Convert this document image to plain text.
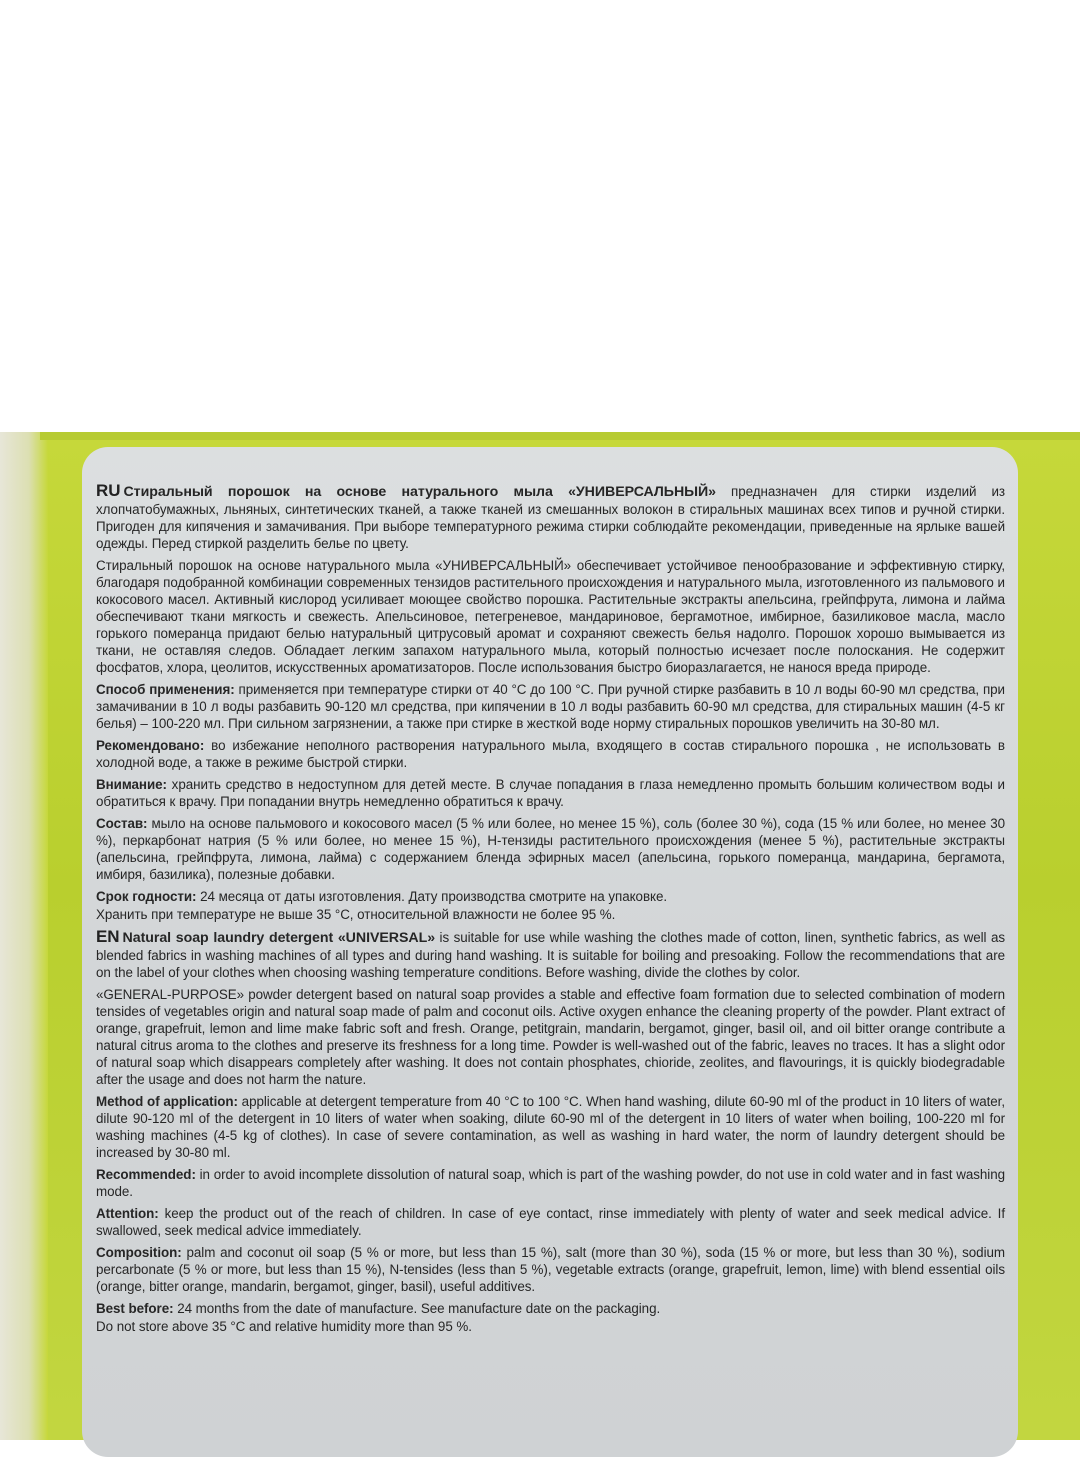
RU Стиральный порошок на основе натурального мыла «УНИВЕРСАЛЬНЫЙ» предназначен для стирки изделий из хлопчатобумажных, льняных, синтетических тканей, а также тканей из смешанных волокон в стиральных машинах всех типов и ручной стирки. Пригоден для кипячения и замачивания. При выборе температурного режима стирки соблюдайте рекомендации, приведенные на ярлыке вашей одежды. Перед стиркой разделить белье по цвету.

Стиральный порошок на основе натурального мыла «УНИВЕРСАЛЬНЫЙ» обеспечивает устойчивое пенообразование и эффективную стирку, благодаря подобранной комбинации современных тензидов растительного происхождения и натурального мыла, изготовленного из пальмового и кокосового масел. Активный кислород усиливает моющее свойство порошка. Растительные экстракты апельсина, грейпфрута, лимона и лайма обеспечивают ткани мягкость и свежесть. Апельсиновое, петегреневое, мандариновое, бергамотное, имбирное, базиликовое масла, масло горького померанца придают белью натуральный цитрусовый аромат и сохраняют свежесть белья надолго. Порошок хорошо вымывается из ткани, не оставляя следов. Обладает легким запахом натурального мыла, который полностью исчезает после полоскания. Не содержит фосфатов, хлора, цеолитов, искусственных ароматизаторов. После использования быстро биоразлагается, не нанося вреда природе.

Способ применения: применяется при температуре стирки от 40 °С до 100 °С. При ручной стирке разбавить в 10 л воды 60-90 мл средства, при замачивании в 10 л воды разбавить 90-120 мл средства, при кипячении в 10 л воды разбавить 60-90 мл средства, для стиральных машин (4-5 кг белья) – 100-220 мл. При сильном загрязнении, а также при стирке в жесткой воде норму стиральных порошков увеличить на 30-80 мл.

Рекомендовано: во избежание неполного растворения натурального мыла, входящего в состав стирального порошка , не использовать в холодной воде, а также в режиме быстрой стирки.

Внимание: хранить средство в недоступном для детей месте. В случае попадания в глаза немедленно промыть большим количеством воды и обратиться к врачу. При попадании внутрь немедленно обратиться к врачу.

Состав: мыло на основе пальмового и кокосового масел (5 % или более, но менее 15 %), соль (более 30 %), сода (15 % или более, но менее 30 %), перкарбонат натрия (5 % или более, но менее 15 %), Н-тензиды растительного происхождения (менее 5 %), растительные экстракты (апельсина, грейпфрута, лимона, лайма) с содержанием бленда эфирных масел (апельсина, горького померанца, мандарина, бергамота, имбиря, базилика), полезные добавки.

Срок годности: 24 месяца от даты изготовления. Дату производства смотрите на упаковке.

Хранить при температуре не выше 35 °С, относительной влажности не более 95 %.

EN Natural soap laundry detergent «UNIVERSAL» is suitable for use while washing the clothes made of cotton, linen, synthetic fabrics, as well as blended fabrics in washing machines of all types and during hand washing. It is suitable for boiling and presoaking. Follow the recommendations that are on the label of your clothes when choosing washing temperature conditions. Before washing, divide the clothes by color.

«GENERAL-PURPOSE» powder detergent based on natural soap provides a stable and effective foam formation due to selected combination of modern tensides of vegetables origin and natural soap made of palm and coconut oils. Active oxygen enhance the cleaning property of the powder. Plant extract of orange, grapefruit, lemon and lime make fabric soft and fresh. Orange, petitgrain, mandarin, bergamot, ginger, basil oil, and oil bitter orange contribute a natural citrus aroma to the clothes and preserve its freshness for a long time. Powder is well-washed out of the fabric, leaves no traces. It has a slight odor of natural soap which disappears completely after washing. It does not contain phosphates, chioride, zeolites, and flavourings, it is quickly biodegradable after the usage and does not harm the nature.

Method of application: applicable at detergent temperature from 40 °C to 100 °C. When hand washing, dilute 60-90 ml of the product in 10 liters of water, dilute 90-120 ml of the detergent in 10 liters of water when soaking, dilute 60-90 ml of the detergent in 10 liters of water when boiling, 100-220 ml for washing machines (4-5 kg of clothes). In case of severe contamination, as well as washing in hard water, the norm of laundry detergent should be increased by 30-80 ml.

Recommended: in order to avoid incomplete dissolution of natural soap, which is part of the washing powder, do not use in cold water and in fast washing mode.

Attention: keep the product out of the reach of children. In case of eye contact, rinse immediately with plenty of water and seek medical advice. If swallowed, seek medical advice immediately.

Composition: palm and coconut oil soap (5 % or more, but less than 15 %), salt (more than 30 %), soda (15 % or more, but less than 30 %), sodium percarbonate (5 % or more, but less than 15 %), N-tensides (less than 5 %), vegetable extracts (orange, grapefruit, lemon, lime) with blend essential oils (orange, bitter orange, mandarin, bergamot, ginger, basil), useful additives.

Best before: 24 months from the date of manufacture. See manufacture date on the packaging.

Do not store above 35 °C and relative humidity more than 95 %.
